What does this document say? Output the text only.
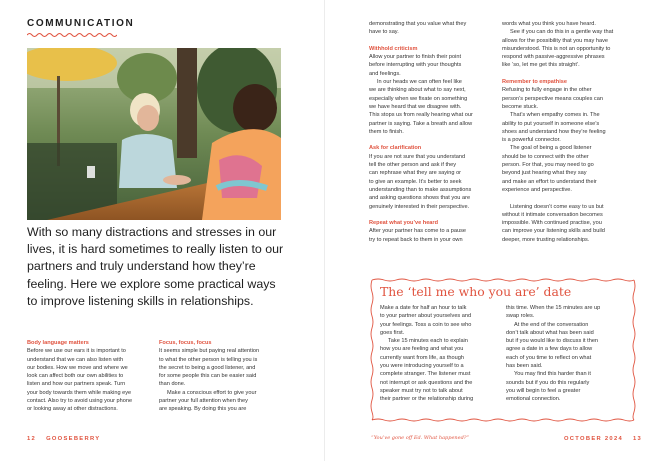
COMMUNICATION
With so many distractions and stresses in our lives, it is hard sometimes to really listen to our partners and truly understand how they’re feeling. Here we explore some practical ways to improve listening skills in relationships.
Body language matters
Before we use our ears it is important to
understand that we can also listen with
our bodies. How we move and where we
look can affect both our own abilities to
listen and how our partners speak. Turn
your body towards them while making eye
contact. Also try to avoid using your phone
or looking away at other distractions.
Focus, focus, focus
It seems simple but paying real attention
to what the other person is telling you is
the secret to being a good listener, and
for some people this can be easier said
than done.
Make a conscious effort to give your
partner your full attention when they
are speaking. By doing this you are
12 GOOSEBERRY
demonstrating that you value what they
have to say.
Withhold criticism
Allow your partner to finish their point
before interrupting with your thoughts
and feelings.
In our heads we can often feel like
we are thinking about what to say next,
especially when we fixate on something
we have heard that we disagree with.
This stops us from really hearing what our
partner is saying. Take a breath and allow
them to finish.
Ask for clarification
If you are not sure that you understand
tell the other person and ask if they
can rephrase what they are saying or
to give an example. It’s better to seek
understanding than to make assumptions
and asking questions shows that you are
genuinely interested in their perspective.
Repeat what you’ve heard
After your partner has come to a pause
try to repeat back to them in your own
words what you think you have heard.
See if you can do this in a gentle way that
allows for the possibility that you may have
misunderstood. This is not an opportunity to
respond with passive-aggressive phrases
like ‘so, let me get this straight’.
Remember to empathise
Refusing to fully engage in the other
person’s perspective means couples can
become stuck.
That’s when empathy comes in. The
ability to put yourself in someone else’s
shoes and understand how they’re feeling
is a powerful connector.
The goal of being a good listener
should be to connect with the other
person. For that, you may need to go
beyond just hearing what they say
and make an effort to understand their
experience and perspective.
Listening doesn’t come easy to us but
without it intimate conversation becomes
impossible. With continued practise, you
can improve your listening skills and build
deeper, more trusting relationships.
OCTOBER 2024 13
The ‘tell me who you are’ date
Make a date for half an hour to talk
to your partner about yourselves and
your feelings. Toss a coin to see who
goes first.
Take 15 minutes each to explain
how you are feeling and what you
currently want from life, as though
you were introducing yourself to a
complete stranger. The listener must
not interrupt or ask questions and the
speaker must try not to talk about
their partner or the relationship during
this time. When the 15 minutes are up
swap roles.
At the end of the conversation
don’t talk about what has been said
but if you would like to discuss it then
agree a date in a few days to allow
each of you time to reflect on what
has been said.
You may find this harder than it
sounds but if you do this regularly
you will begin to feel a greater
emotional connection.
“You’ve gone off Ed. What happened?”
